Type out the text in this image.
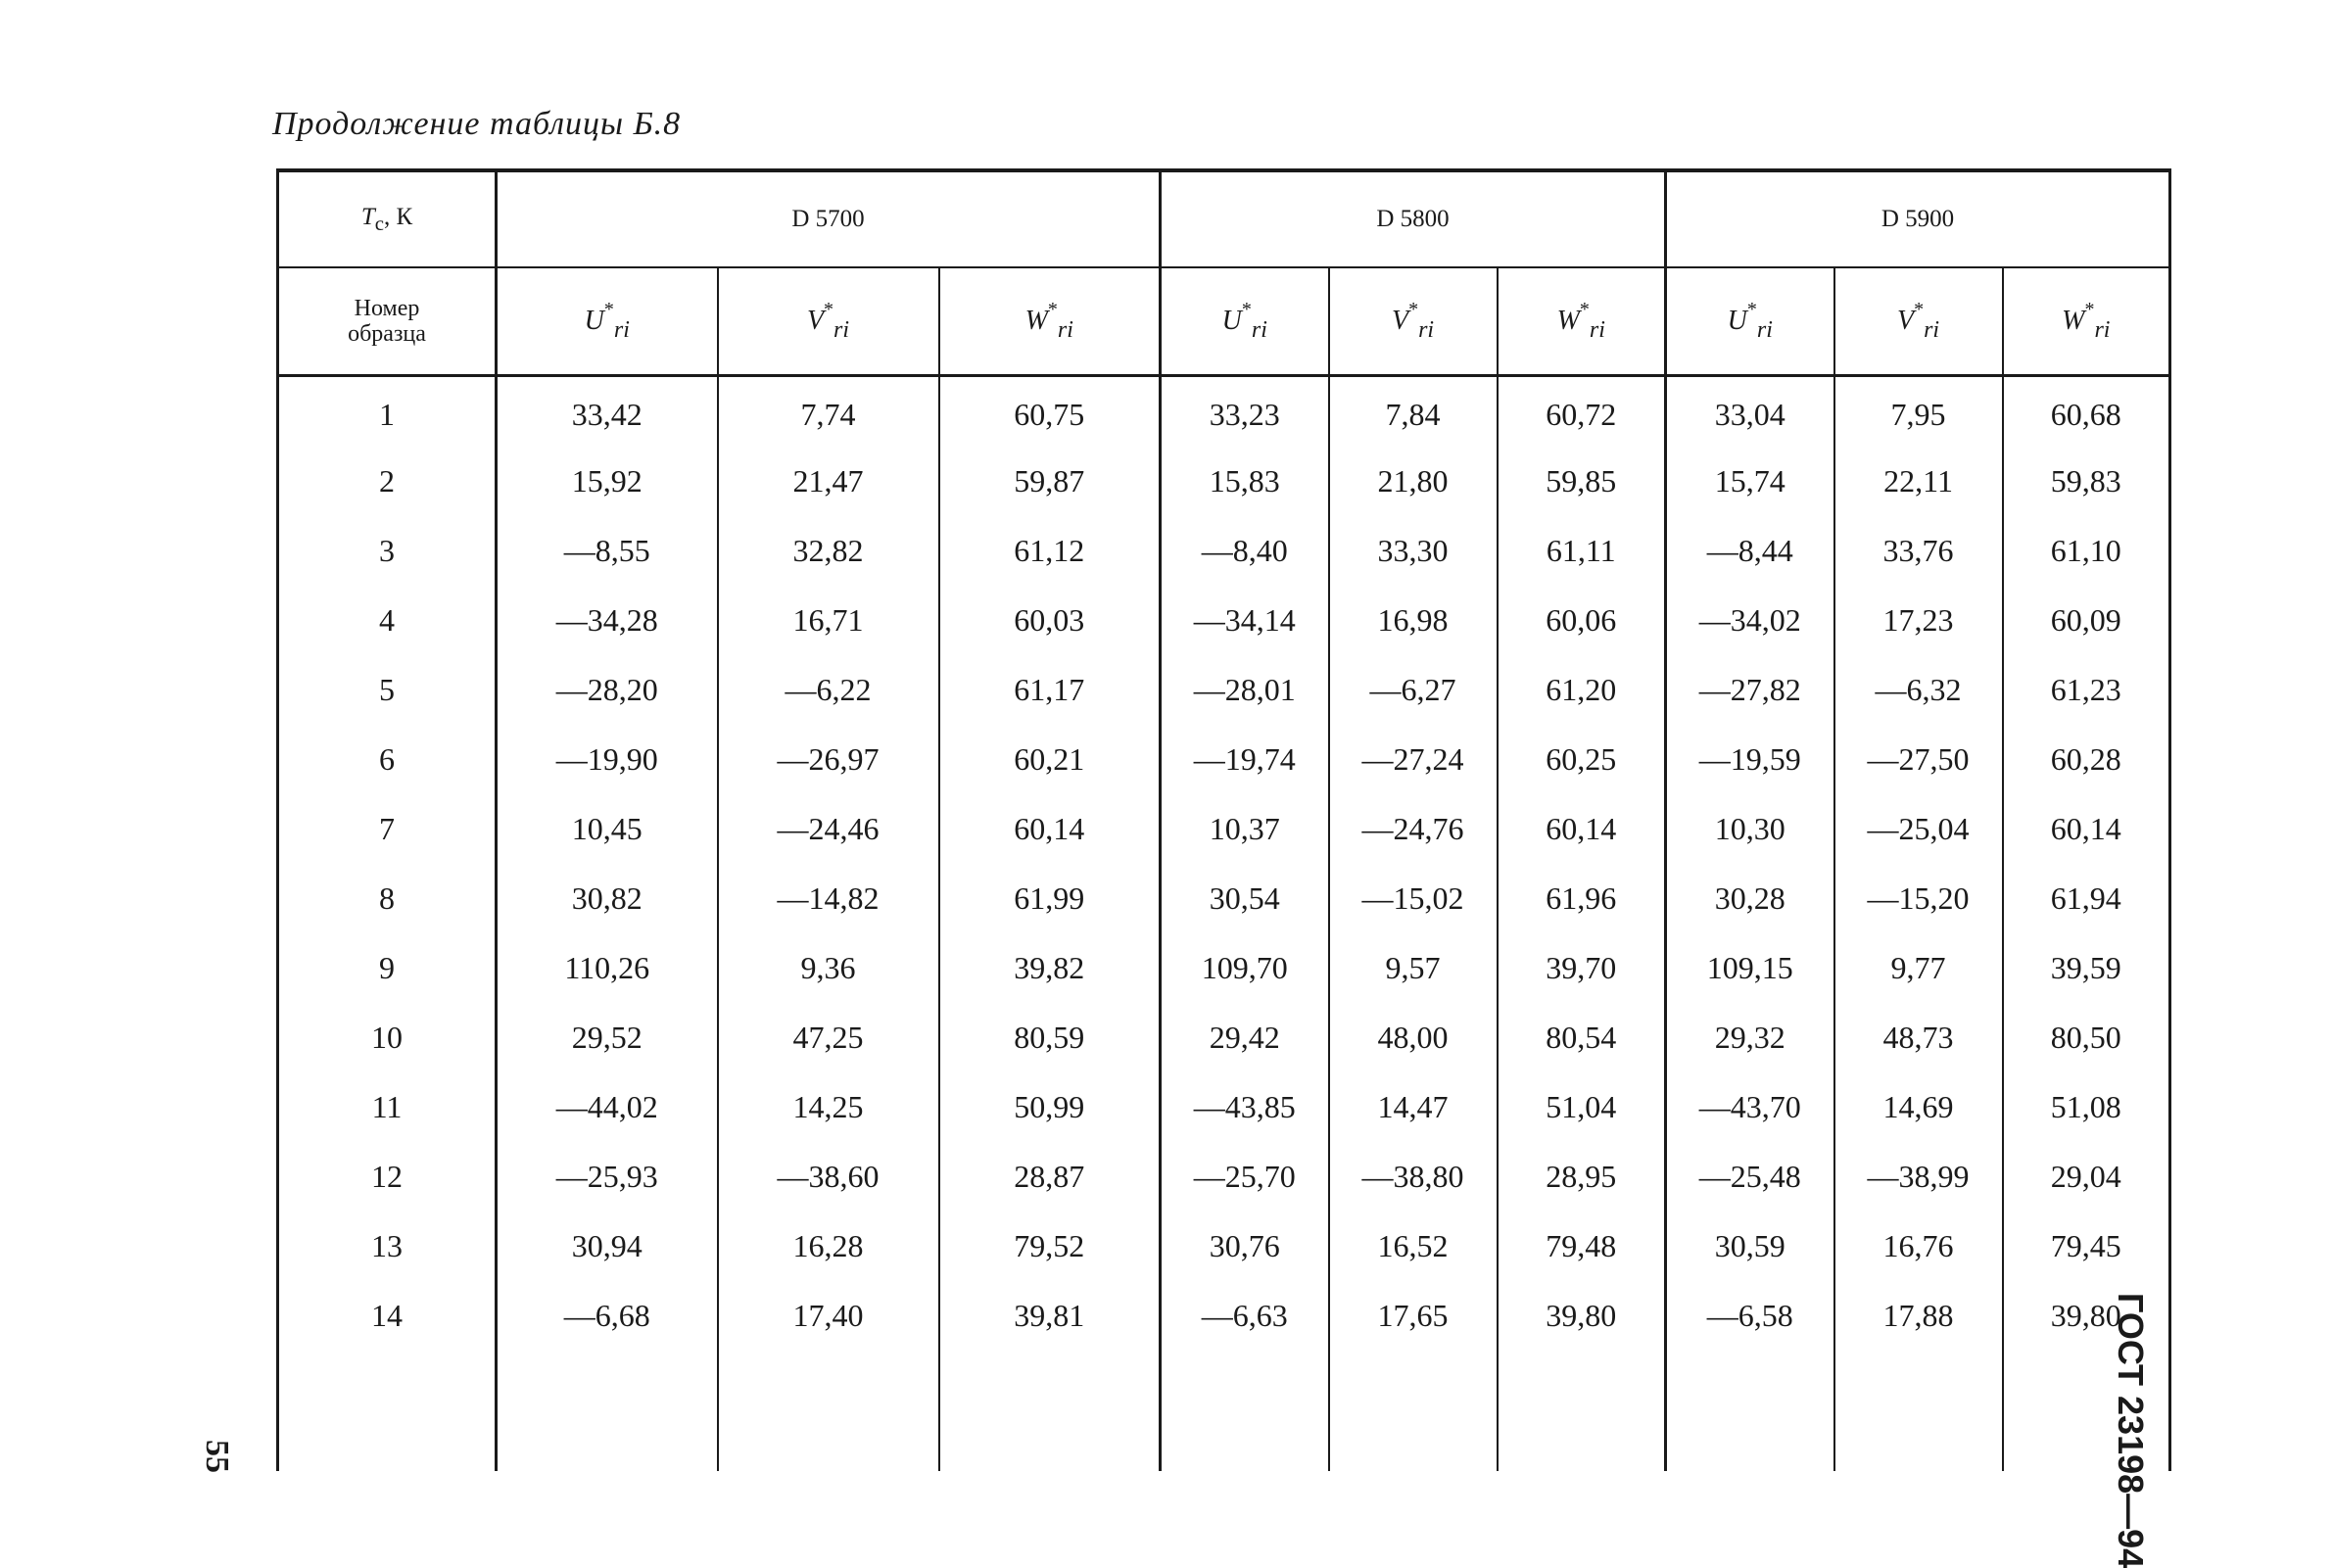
Продолжение таблицы Б.8
$T_с$, К	D 5700			D 5800			D 5900		

Номер
образца	$U^*_{ri}$	$V^*_{ri}$	$W^*_{ri}$	$U^*_{ri}$	$V^*_{ri}$	$W^*_{ri}$	$U^*_{ri}$	$V^*_{ri}$	$W^*_{ri}$
1	33,42	7,74	60,75	33,23	7,84	60,72	33,04	7,95	60,68
2	15,92	21,47	59,87	15,83	21,80	59,85	15,74	22,11	59,83
3	—8,55	32,82	61,12	—8,40	33,30	61,11	—8,44	33,76	61,10
4	—34,28	16,71	60,03	—34,14	16,98	60,06	—34,02	17,23	60,09
5	—28,20	—6,22	61,17	—28,01	—6,27	61,20	—27,82	—6,32	61,23
6	—19,90	—26,97	60,21	—19,74	—27,24	60,25	—19,59	—27,50	60,28
7	10,45	—24,46	60,14	10,37	—24,76	60,14	10,30	—25,04	60,14
8	30,82	—14,82	61,99	30,54	—15,02	61,96	30,28	—15,20	61,94
9	110,26	9,36	39,82	109,70	9,57	39,70	109,15	9,77	39,59
10	29,52	47,25	80,59	29,42	48,00	80,54	29,32	48,73	80,50
11	—44,02	14,25	50,99	—43,85	14,47	51,04	—43,70	14,69	51,08
12	—25,93	—38,60	28,87	—25,70	—38,80	28,95	—25,48	—38,99	29,04
13	30,94	16,28	79,52	30,76	16,52	79,48	30,59	16,76	79,45
14	—6,68	17,40	39,81	—6,63	17,65	39,80	—6,58	17,88	39,80

55	ГОСТ 23198—94
